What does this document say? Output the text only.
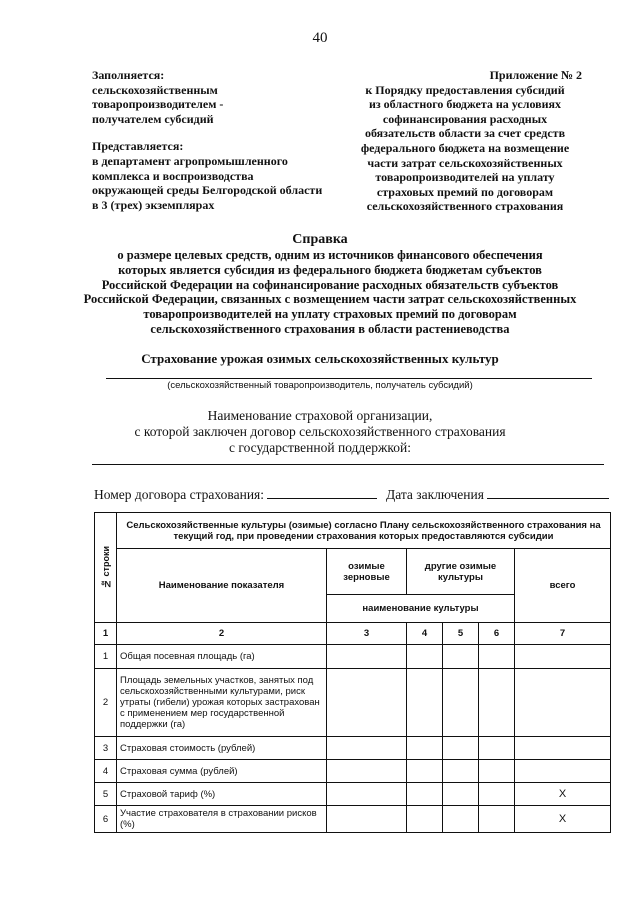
40
Заполняется:
сельскохозяйственным
товаропроизводителем -
получателем субсидий
Представляется:
в департамент агропромышленного
комплекса и воспроизводства
окружающей среды Белгородской области
в 3 (трех) экземплярах
Приложение № 2
к Порядку предоставления субсидий
из областного бюджета на условиях
софинансирования расходных
обязательств области за счет средств
федерального бюджета на возмещение
части затрат сельскохозяйственных
товаропроизводителей на уплату
страховых премий по договорам
сельскохозяйственного страхования
Справка
о размере целевых средств, одним из источников финансового обеспечения
которых является субсидия из федерального бюджета бюджетам субъектов
Российской Федерации на софинансирование расходных обязательств субъектов
Российской Федерации, связанных с возмещением части затрат сельскохозяйственных
товаропроизводителей на уплату страховых премий по договорам
сельскохозяйственного страхования в области растениеводства
Страхование урожая озимых сельскохозяйственных культур
(сельскохозяйственный товаропроизводитель, получатель субсидий)
Наименование страховой организации,
с которой заключен договор сельскохозяйственного страхования
с государственной поддержкой:
Номер договора страхования:	Дата заключения
№ строки	Сельскохозяйственные культуры (озимые) согласно Плану сельскохозяйственного страхования на текущий год, при проведении страхования которых предоставляются субсидии					
	Наименование показателя	озимые зерновые	другие озимые культуры			всего
		наименование культуры				
1	2	3	4	5	6	7
1	Общая посевная площадь (га)					
2	Площадь земельных участков, занятых под сельскохозяйственными культурами, риск утраты (гибели) урожая которых застрахован с применением мер государственной поддержки (га)					
3	Страховая стоимость (рублей)					
4	Страховая сумма (рублей)					
5	Страховой тариф (%)					X
6	Участие страхователя в страховании рисков (%)					X
